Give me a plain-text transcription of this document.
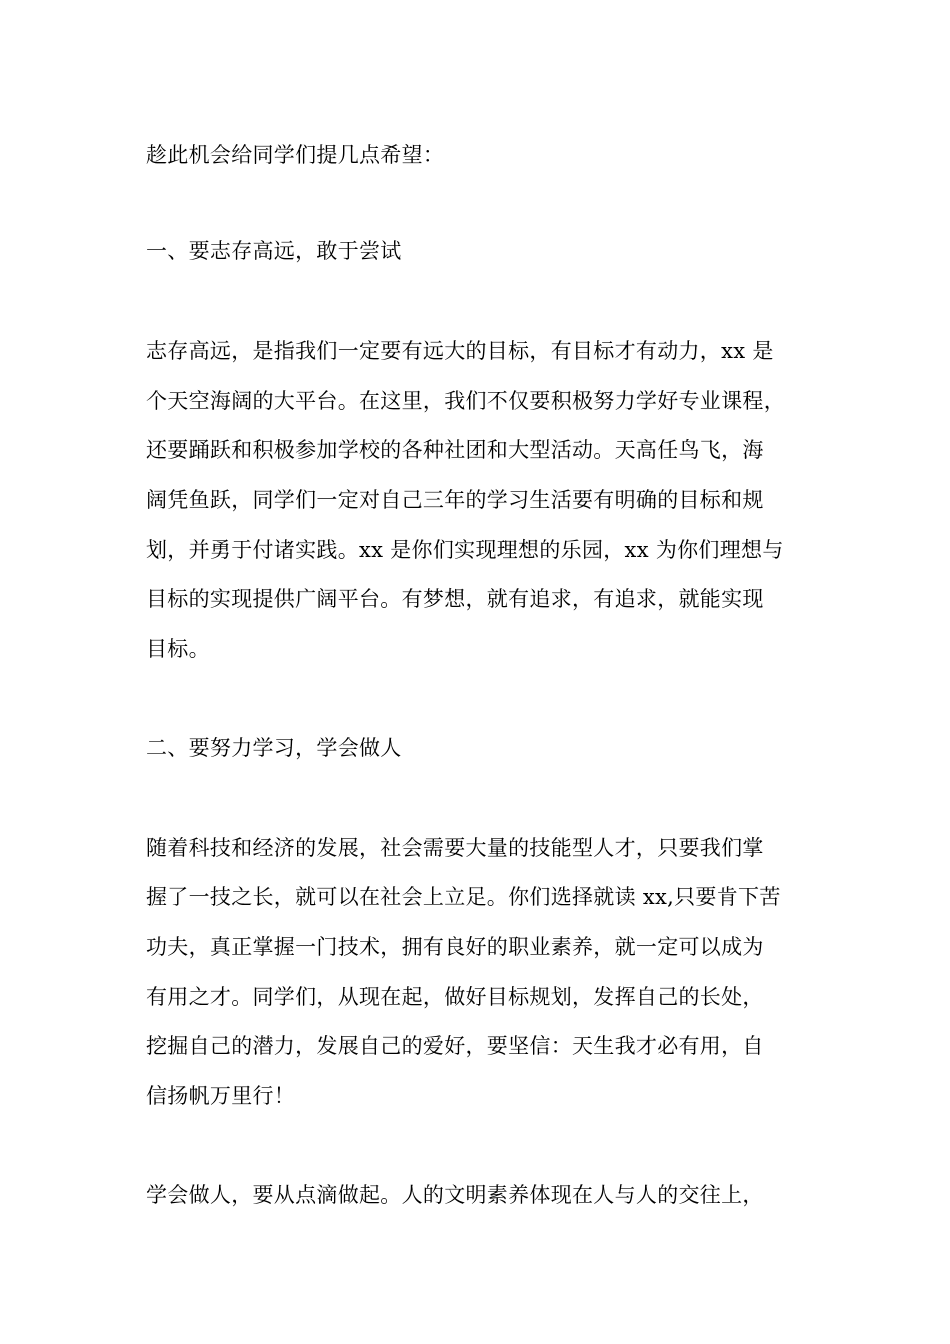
趁此机会给同学们提几点希望：
一、要志存高远，敢于尝试
志存高远，是指我们一定要有远大的目标，有目标才有动力，xx 是
个天空海阔的大平台。在这里，我们不仅要积极努力学好专业课程，
还要踊跃和积极参加学校的各种社团和大型活动。天高任鸟飞，海
阔凭鱼跃，同学们一定对自己三年的学习生活要有明确的目标和规
划，并勇于付诸实践。xx 是你们实现理想的乐园，xx 为你们理想与
目标的实现提供广阔平台。有梦想，就有追求，有追求，就能实现
目标。
二、要努力学习，学会做人
随着科技和经济的发展，社会需要大量的技能型人才，只要我们掌
握了一技之长，就可以在社会上立足。你们选择就读 xx,只要肯下苦
功夫，真正掌握一门技术，拥有良好的职业素养，就一定可以成为
有用之才。同学们，从现在起，做好目标规划，发挥自己的长处，
挖掘自己的潜力，发展自己的爱好，要坚信：天生我才必有用，自
信扬帆万里行！
学会做人，要从点滴做起。人的文明素养体现在人与人的交往上，
